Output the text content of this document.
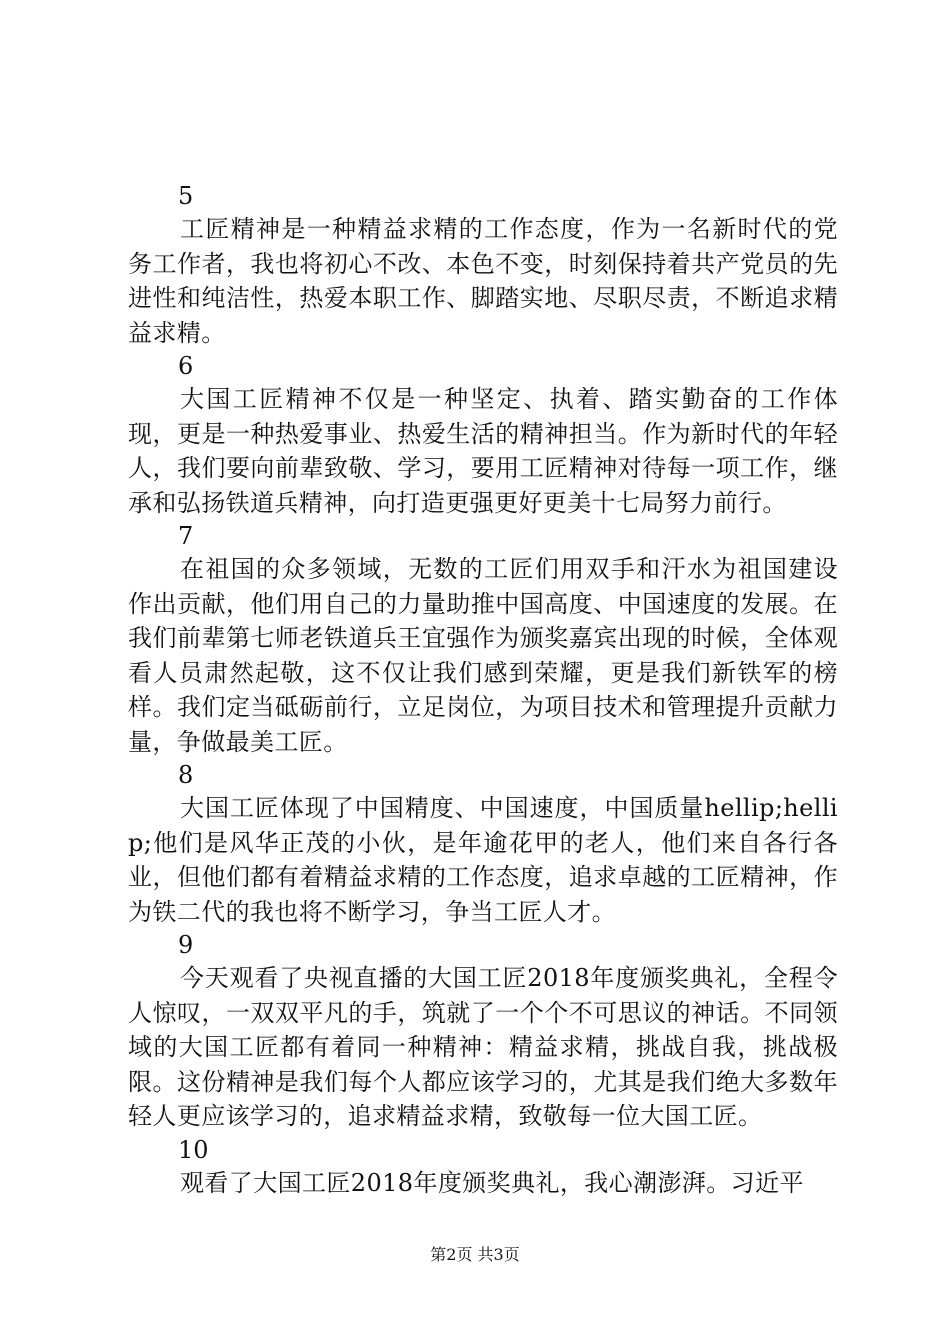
5

工匠精神是一种精益求精的工作态度，作为一名新时代的党务工作者，我也将初心不改、本色不变，时刻保持着共产党员的先进性和纯洁性，热爱本职工作、脚踏实地、尽职尽责，不断追求精益求精。

6

大国工匠精神不仅是一种坚定、执着、踏实勤奋的工作体现，更是一种热爱事业、热爱生活的精神担当。作为新时代的年轻人，我们要向前辈致敬、学习，要用工匠精神对待每一项工作，继承和弘扬铁道兵精神，向打造更强更好更美十七局努力前行。

7

在祖国的众多领域，无数的工匠们用双手和汗水为祖国建设作出贡献，他们用自己的力量助推中国高度、中国速度的发展。在我们前辈第七师老铁道兵王宜强作为颁奖嘉宾出现的时候，全体观看人员肃然起敬，这不仅让我们感到荣耀，更是我们新铁军的榜样。我们定当砥砺前行，立足岗位，为项目技术和管理提升贡献力量，争做最美工匠。

8

大国工匠体现了中国精度、中国速度，中国质量hellip;hellip;他们是风华正茂的小伙，是年逾花甲的老人，他们来自各行各业，但他们都有着精益求精的工作态度，追求卓越的工匠精神，作为铁二代的我也将不断学习，争当工匠人才。

9

今天观看了央视直播的大国工匠2018年度颁奖典礼，全程令人惊叹，一双双平凡的手，筑就了一个个不可思议的神话。不同领域的大国工匠都有着同一种精神：精益求精，挑战自我，挑战极限。这份精神是我们每个人都应该学习的，尤其是我们绝大多数年轻人更应该学习的，追求精益求精，致敬每一位大国工匠。

10

观看了大国工匠2018年度颁奖典礼，我心潮澎湃。习近平

第2页 共3页
